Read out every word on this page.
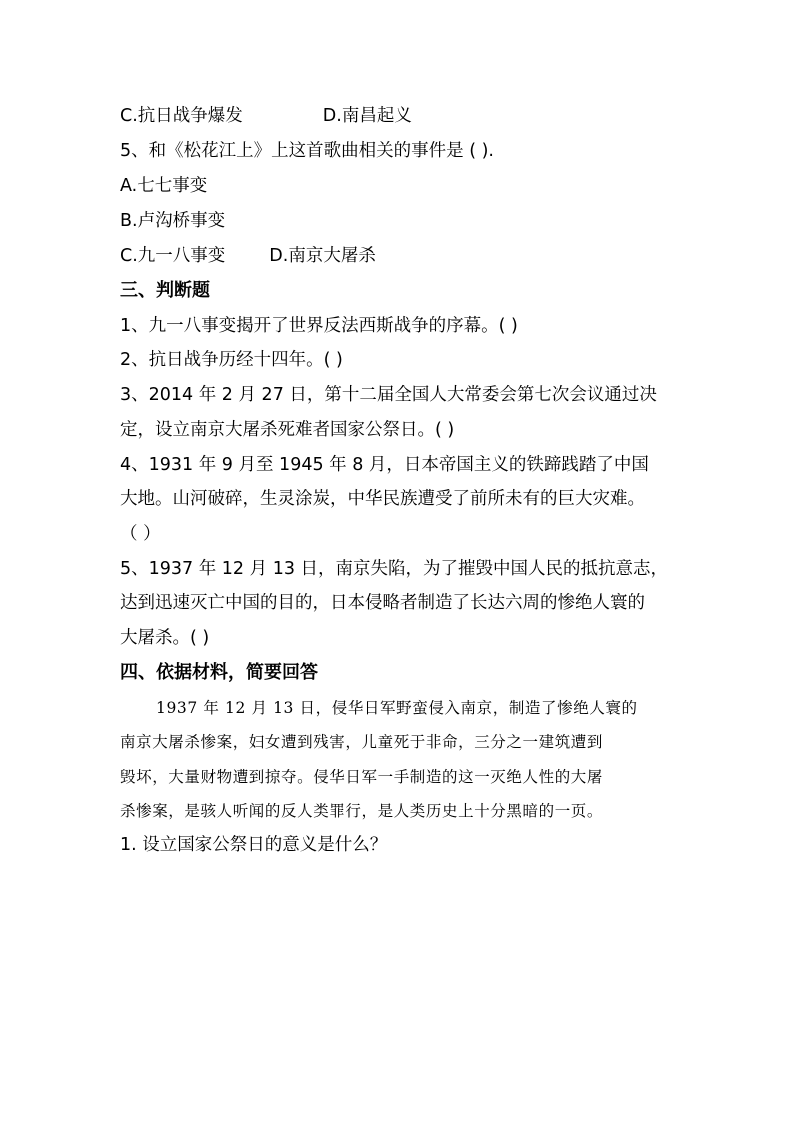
C.抗日战争爆发	D.南昌起义
5、和《松花江上》上这首歌曲相关的事件是 ( ).
A.七七事变
B.卢沟桥事变
C.九一八事变	D.南京大屠杀
三、判断题
1、九一八事变揭开了世界反法西斯战争的序幕。( )
2、抗日战争历经十四年。( )
3、2014 年 2 月 27 日，第十二届全国人大常委会第七次会议通过决
定，设立南京大屠杀死难者国家公祭日。( )
4、1931 年 9 月至 1945 年 8 月，日本帝国主义的铁蹄践踏了中国
大地。山河破碎，生灵涂炭，中华民族遭受了前所未有的巨大灾难。
（ ）
5、1937 年 12 月 13 日，南京失陷，为了摧毁中国人民的抵抗意志，
达到迅速灭亡中国的目的，日本侵略者制造了长达六周的惨绝人寰的
大屠杀。( )
四、依据材料，简要回答
1937 年 12 月 13 日，侵华日军野蛮侵入南京，制造了惨绝人寰的
南京大屠杀惨案，妇女遭到残害，儿童死于非命，三分之一建筑遭到
毁坏，大量财物遭到掠夺。侵华日军一手制造的这一灭绝人性的大屠
杀惨案，是骇人听闻的反人类罪行，是人类历史上十分黑暗的一页。
1. 设立国家公祭日的意义是什么？
